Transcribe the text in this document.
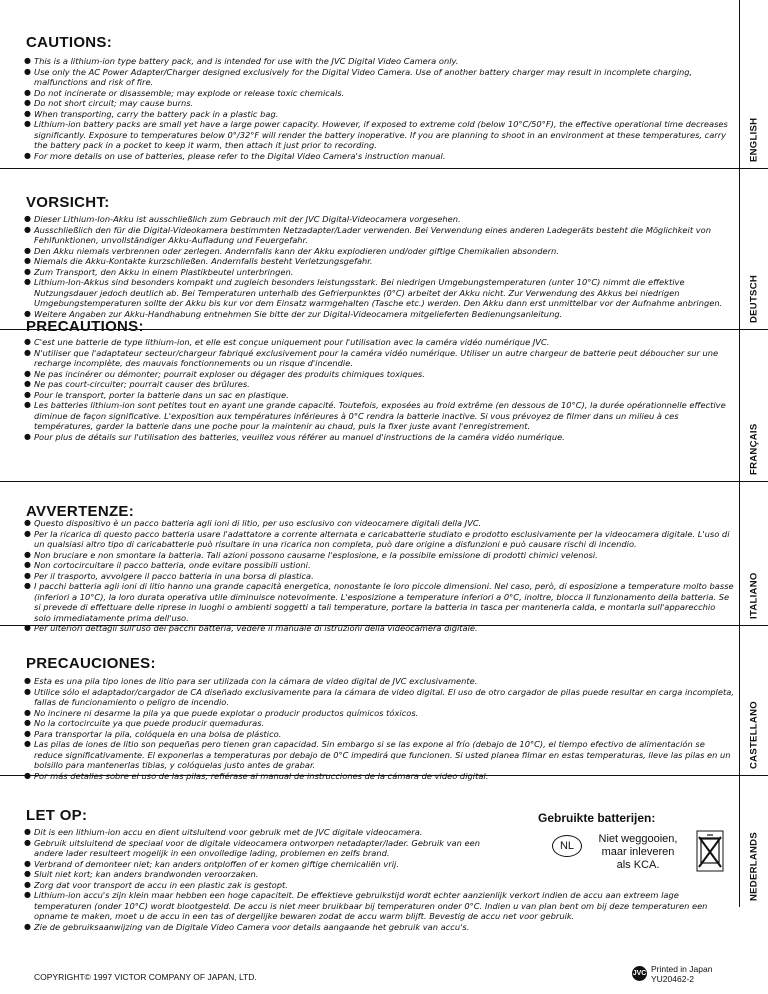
ENGLISH
CAUTIONS:
● This is a lithium-ion type battery pack, and is intended for use with the JVC Digital Video Camera only.
● Use only the AC Power Adapter/Charger designed exclusively for the Digital Video Camera. Use of another battery charger may result in incomplete charging, malfunctions and risk of fire.
● Do not incinerate or disassemble; may explode or release toxic chemicals.
● Do not short circuit; may cause burns.
● When transporting, carry the battery pack in a plastic bag.
● Lithium-ion battery packs are small yet have a large power capacity. However, if exposed to extreme cold (below 10°C/50°F), the effective operational time decreases significantly. Exposure to temperatures below 0°/32°F will render the battery inoperative. If you are planning to shoot in an environment at these temperatures, carry the battery pack in a pocket to keep it warm, then attach it just prior to recording.
● For more details on use of batteries, please refer to the Digital Video Camera's instruction manual.
DEUTSCH
VORSICHT:
● Dieser Lithium-Ion-Akku ist ausschließlich zum Gebrauch mit der JVC Digital-Videocamera vorgesehen.
● Ausschließlich den für die Digital-Videokamera bestimmten Netzadapter/Lader verwenden. Bei Verwendung eines anderen Ladegeräts besteht die Möglichkeit von Fehlfunktionen, unvollständiger Akku-Aufladung und Feuergefahr.
● Den Akku niemals verbrennen oder zerlegen. Andernfalls kann der Akku explodieren und/oder giftige Chemikalien absondern.
● Niemals die Akku-Kontakte kurzschließen. Andernfalls besteht Verletzungsgefahr.
● Zum Transport, den Akku in einem Plastikbeutel unterbringen.
● Lithium-Ion-Akkus sind besonders kompakt und zugleich besonders leistungsstark. Bei niedrigen Umgebungstemperaturen (unter 10°C) nimmt die effektive Nutzungsdauer jedoch deutlich ab. Bei Temperaturen unterhalb des Gefrierpunktes (0°C) arbeitet der Akku nicht. Zur Verwendung des Akkus bei niedrigen Umgebungstemperaturen sollte der Akku bis kur vor dem Einsatz warmgehalten (Tasche etc.) werden. Den Akku dann erst unmittelbar vor der Aufnahme anbringen.
● Weitere Angaben zur Akku-Handhabung entnehmen Sie bitte der zur Digital-Videocamera mitgelieferten Bedienungsanleitung.
FRANÇAIS
PRECAUTIONS:
● C'est une batterie de type lithium-ion, et elle est conçue uniquement pour l'utilisation avec la caméra vidéo numérique JVC.
● N'utiliser que l'adaptateur secteur/chargeur fabriqué exclusivement pour la caméra vidéo numérique. Utiliser un autre chargeur de batterie peut déboucher sur une recharge incomplète, des mauvais fonctionnements ou un risque d'incendie.
● Ne pas incinérer ou démonter; pourrait exploser ou dégager des produits chimiques toxiques.
● Ne pas court-circuiter; pourrait causer des brûlures.
● Pour le transport, porter la batterie dans un sac en plastique.
● Les batteries lithium-ion sont petites tout en ayant une grande capacité. Toutefois, exposées au froid extrême (en dessous de 10°C), la durée opérationnelle effective diminue de façon significative. L'exposition aux températures inférieures à 0°C rendra la batterie inactive. Si vous prévoyez de filmer dans un milieu à ces températures, garder la batterie dans une poche pour la maintenir au chaud, puis la fixer juste avant l'enregistrement.
● Pour plus de détails sur l'utilisation des batteries, veuillez vous référer au manuel d'instructions de la caméra vidéo numérique.
ITALIANO
AVVERTENZE:
● Questo dispositivo è un pacco batteria agli ioni di litio, per uso esclusivo con videocamere digitali della JVC.
● Per la ricarica di questo pacco batteria usare l'adattatore a corrente alternata e caricabatterie studiato e prodotto esclusivamente per la videocamera digitale. L'uso di un qualsiasi altro tipo di caricabatterie può risultare in una ricarica non completa, può dare origine a disfunzioni e può causare rischi di incendio.
● Non bruciare e non smontare la batteria. Tali azioni possono causarne l'esplosione, e la possibile emissione di prodotti chimici velenosi.
● Non cortocircuitare il pacco batteria, onde evitare possibili ustioni.
● Per il trasporto, avvolgere il pacco batteria in una borsa di plastica.
● I pacchi batteria agli ioni di litio hanno una grande capacità energetica, nonostante le loro piccole dimensioni. Nel caso, però, di esposizione a temperature molto basse (inferiori a 10°C), la loro durata operativa utile diminuisce notevolmente. L'esposizione a temperature inferiori a 0°C, inoltre, blocca il funzionamento della batteria. Se si prevede di effettuare delle riprese in luoghi o ambienti soggetti a tali temperature, portare la batteria in tasca per mantenerla calda, e montarla sull'apparecchio solo immediatamente prima dell'uso.
● Per ulteriori dettagli sull'uso dei pacchi batteria, vedere il manuale di istruzioni della videocamera digitale.
CASTELLANO
PRECAUCIONES:
● Esta es una pila tipo iones de litio para ser utilizada con la cámara de video digital de JVC exclusivamente.
● Utilice sólo el adaptador/cargador de CA diseñado exclusivamente para la cámara de video digital. El uso de otro cargador de pilas puede resultar en carga incompleta, fallas de funcionamiento o peligro de incendio.
● No incinere ni desarme la pila ya que puede explotar o producir productos químicos tóxicos.
● No la cortocircuite ya que puede producir quemaduras.
● Para transportar la pila, colóquela en una bolsa de plástico.
● Las pilas de iones de litio son pequeñas pero tienen gran capacidad. Sin embargo si se las expone al frío (debajo de 10°C), el tiempo efectivo de alimentación se reduce significativamente. El exponerlas a temperaturas por debajo de 0°C impedirá que funcionen. Si usted planea filmar en estas temperaturas, lleve las pilas en un bolsillo para mantenerlas tibias, y colóquelas justo antes de grabar.
● Por más detalles sobre el uso de las pilas, refiérase al manual de instrucciones de la cámara de video digital.
NEDERLANDS
LET OP:
● Dit is een lithium-ion accu en dient uitsluitend voor gebruik met de JVC digitale videocamera.
● Gebruik uitsluitend de speciaal voor de digitale videocamera ontworpen netadapter/lader. Gebruik van een andere lader resulteert mogelijk in een onvolledige lading, problemen en zelfs brand.
● Verbrand of demonteer niet; kan anders ontploffen of er komen giftige chemicaliën vrij.
● Sluit niet kort; kan anders brandwonden veroorzaken.
● Zorg dat voor transport de accu in een plastic zak is gestopt.
● Lithium-ion accu's zijn klein maar hebben een hoge capaciteit. De effektieve gebruikstijd wordt echter aanzienlijk verkort indien de accu aan extreem lage temperaturen (onder 10°C) wordt blootgesteld. De accu is niet meer bruikbaar bij temperaturen onder 0°C. Indien u van plan bent om bij deze temperaturen een opname te maken, moet u de accu in een tas of dergelijke bewaren zodat de accu warm blijft. Bevestig de accu net voor gebruik.
● Zie de gebruiksaanwijzing van de Digitale Video Camera voor details aangaande het gebruik van accu's.
Gebruikte batterijen:
NL
Niet weggooien,
maar inleveren
als KCA.
COPYRIGHT© 1997 VICTOR COMPANY OF JAPAN, LTD.	JVC Printed in Japan
YU20462-2
